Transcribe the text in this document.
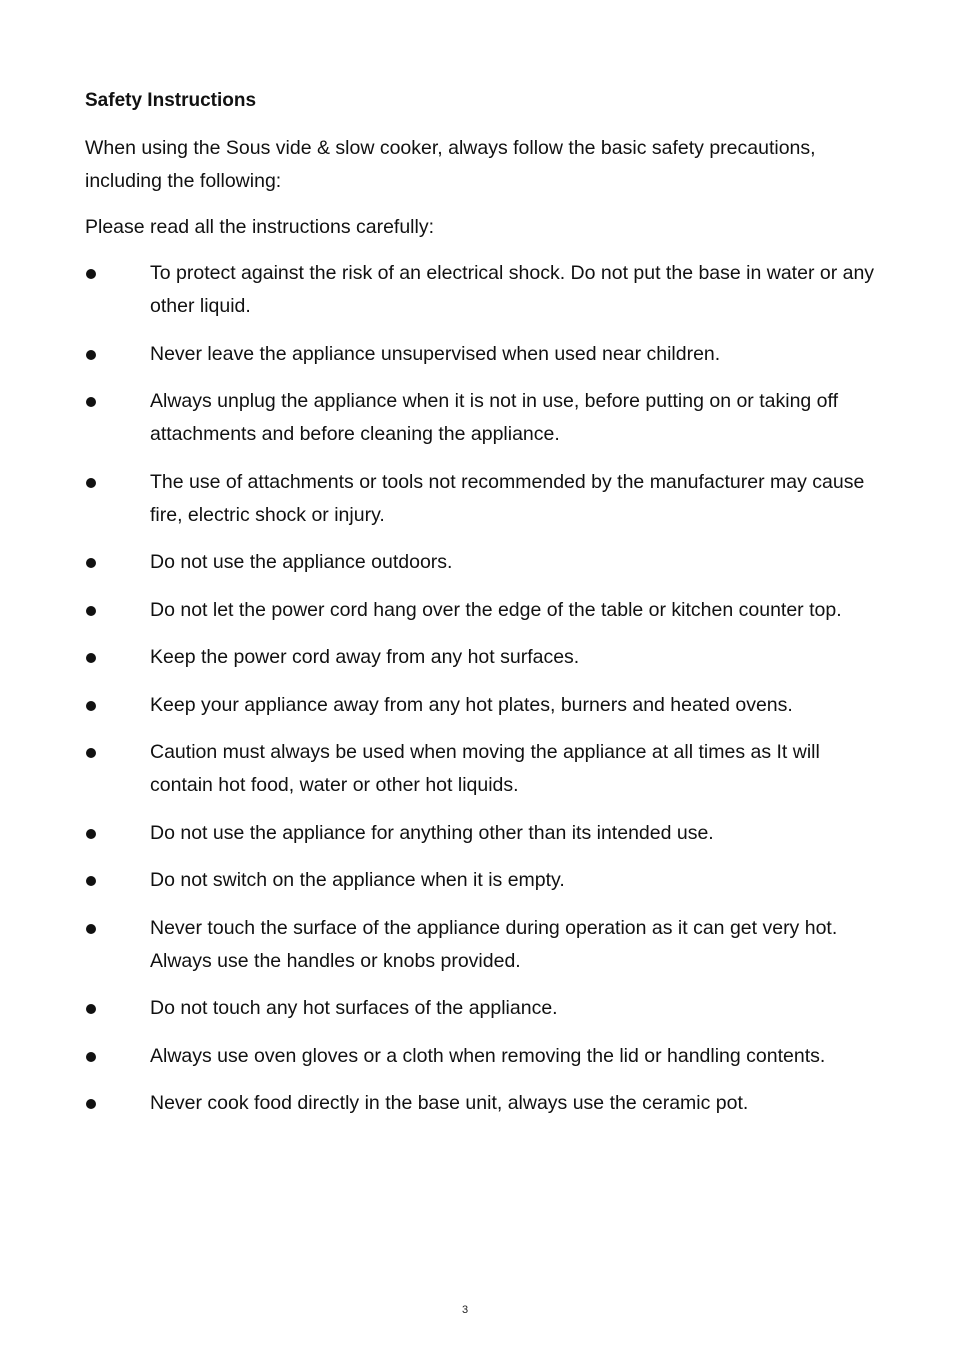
Safety Instructions

When using the Sous vide & slow cooker, always follow the basic safety precautions, including the following:

Please read all the instructions carefully:

To protect against the risk of an electrical shock. Do not put the base in water or any other liquid.
Never leave the appliance unsupervised when used near children.
Always unplug the appliance when it is not in use, before putting on or taking off attachments and before cleaning the appliance.
The use of attachments or tools not recommended by the manufacturer may cause fire, electric shock or injury.
Do not use the appliance outdoors.
Do not let the power cord hang over the edge of the table or kitchen counter top.
Keep the power cord away from any hot surfaces.
Keep your appliance away from any hot plates, burners and heated ovens.
Caution must always be used when moving the appliance at all times as It will contain hot food, water or other hot liquids.
Do not use the appliance for anything other than its intended use.
Do not switch on the appliance when it is empty.
Never touch the surface of the appliance during operation as it can get very hot. Always use the handles or knobs provided.
Do not touch any hot surfaces of the appliance.
Always use oven gloves or a cloth when removing the lid or handling contents.
Never cook food directly in the base unit, always use the ceramic pot.
3
